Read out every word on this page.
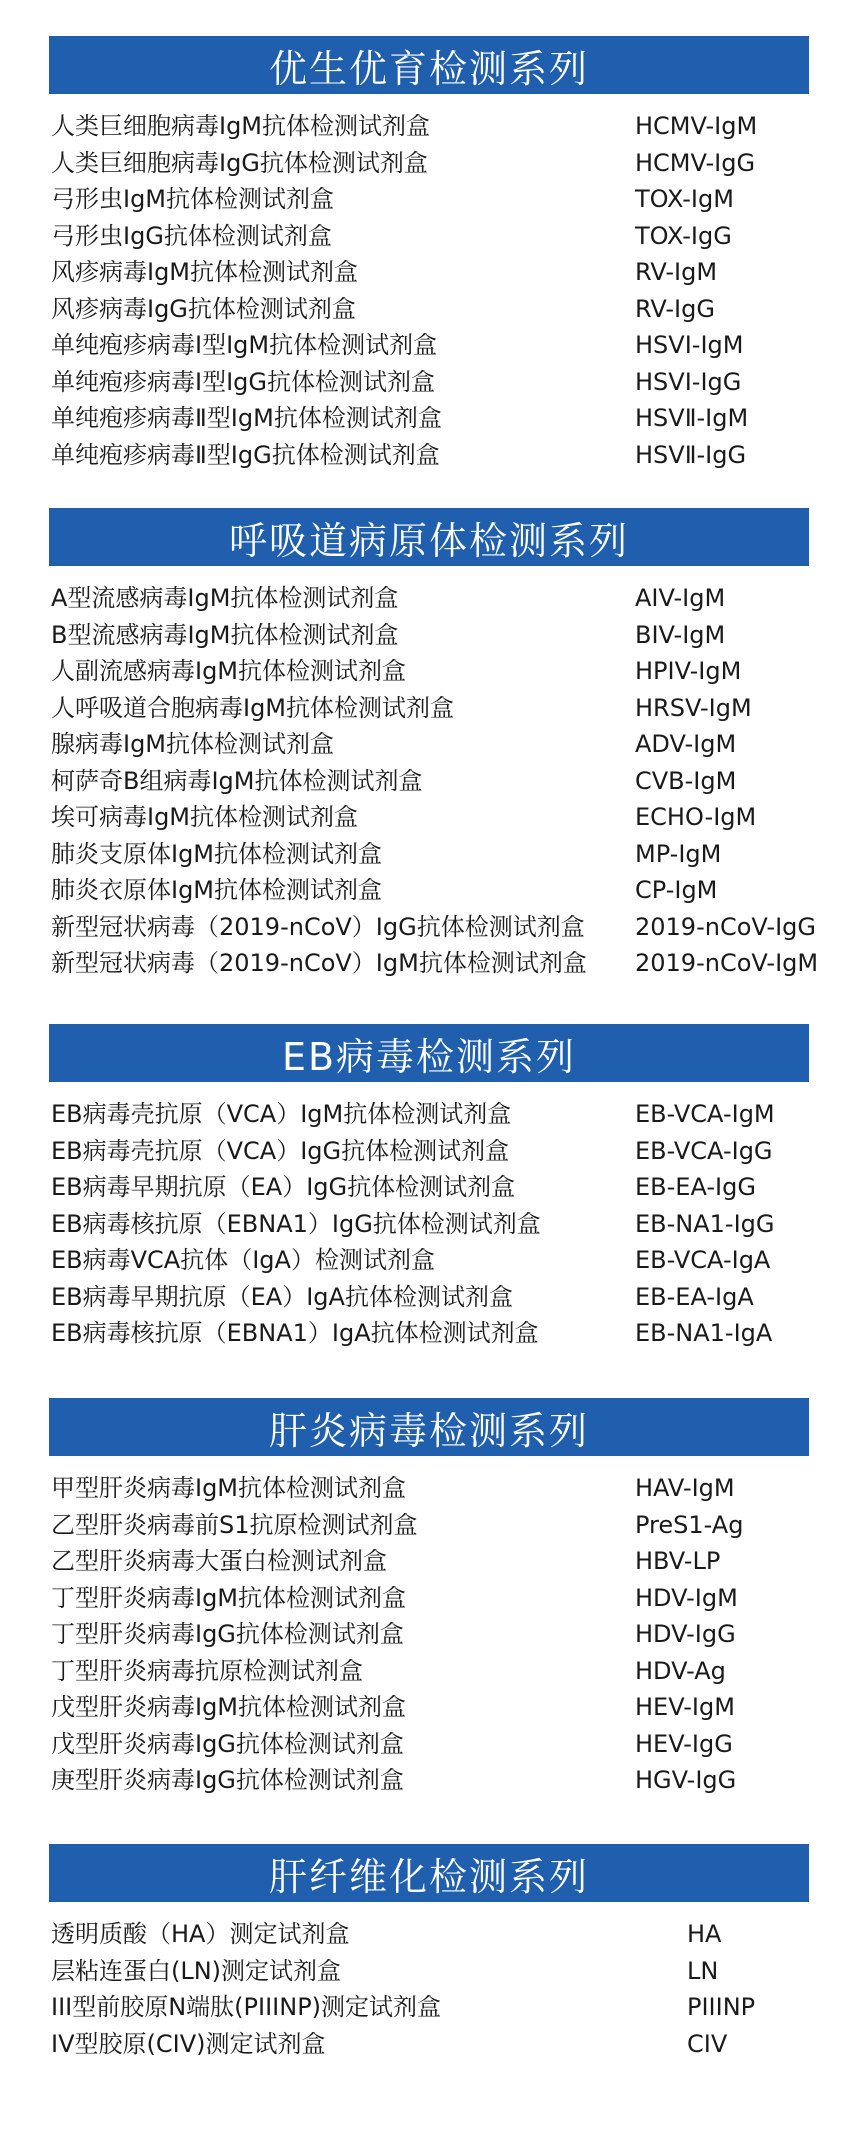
优生优育检测系列
人类巨细胞病毒IgM抗体检测试剂盒	HCMV-IgM
人类巨细胞病毒IgG抗体检测试剂盒	HCMV-IgG
弓形虫IgM抗体检测试剂盒	TOX-IgM
弓形虫IgG抗体检测试剂盒	TOX-IgG
风疹病毒IgM抗体检测试剂盒	RV-IgM
风疹病毒IgG抗体检测试剂盒	RV-IgG
单纯疱疹病毒Ⅰ型IgM抗体检测试剂盒	HSVⅠ-IgM
单纯疱疹病毒Ⅰ型IgG抗体检测试剂盒	HSVⅠ-IgG
单纯疱疹病毒Ⅱ型IgM抗体检测试剂盒	HSVⅡ-IgM
单纯疱疹病毒Ⅱ型IgG抗体检测试剂盒	HSVⅡ-IgG
呼吸道病原体检测系列
A型流感病毒IgM抗体检测试剂盒	AIV-IgM
B型流感病毒IgM抗体检测试剂盒	BIV-IgM
人副流感病毒IgM抗体检测试剂盒	HPIV-IgM
人呼吸道合胞病毒IgM抗体检测试剂盒	HRSV-IgM
腺病毒IgM抗体检测试剂盒	ADV-IgM
柯萨奇B组病毒IgM抗体检测试剂盒	CVB-IgM
埃可病毒IgM抗体检测试剂盒	ECHO-IgM
肺炎支原体IgM抗体检测试剂盒	MP-IgM
肺炎衣原体IgM抗体检测试剂盒	CP-IgM
新型冠状病毒（2019-nCoV）IgG抗体检测试剂盒 2019-nCoV-IgG
新型冠状病毒（2019-nCoV）IgM抗体检测试剂盒 2019-nCoV-IgM
EB病毒检测系列
EB病毒壳抗原（VCA）IgM抗体检测试剂盒	EB-VCA-IgM
EB病毒壳抗原（VCA）IgG抗体检测试剂盒	EB-VCA-IgG
EB病毒早期抗原（EA）IgG抗体检测试剂盒	EB-EA-IgG
EB病毒核抗原（EBNA1）IgG抗体检测试剂盒	EB-NA1-IgG
EB病毒VCA抗体（IgA）检测试剂盒	EB-VCA-IgA
EB病毒早期抗原（EA）IgA抗体检测试剂盒	EB-EA-IgA
EB病毒核抗原（EBNA1）IgA抗体检测试剂盒	EB-NA1-IgA
肝炎病毒检测系列
甲型肝炎病毒IgM抗体检测试剂盒	HAV-IgM
乙型肝炎病毒前S1抗原检测试剂盒	PreS1-Ag
乙型肝炎病毒大蛋白检测试剂盒	HBV-LP
丁型肝炎病毒IgM抗体检测试剂盒	HDV-IgM
丁型肝炎病毒IgG抗体检测试剂盒	HDV-IgG
丁型肝炎病毒抗原检测试剂盒	HDV-Ag
戊型肝炎病毒IgM抗体检测试剂盒	HEV-IgM
戊型肝炎病毒IgG抗体检测试剂盒	HEV-IgG
庚型肝炎病毒IgG抗体检测试剂盒	HGV-IgG
肝纤维化检测系列
透明质酸（HA）测定试剂盒	HA
层粘连蛋白(LN)测定试剂盒	LN
III型前胶原N端肽(PIIINP)测定试剂盒	PIIINP
IV型胶原(CIV)测定试剂盒	CIV
